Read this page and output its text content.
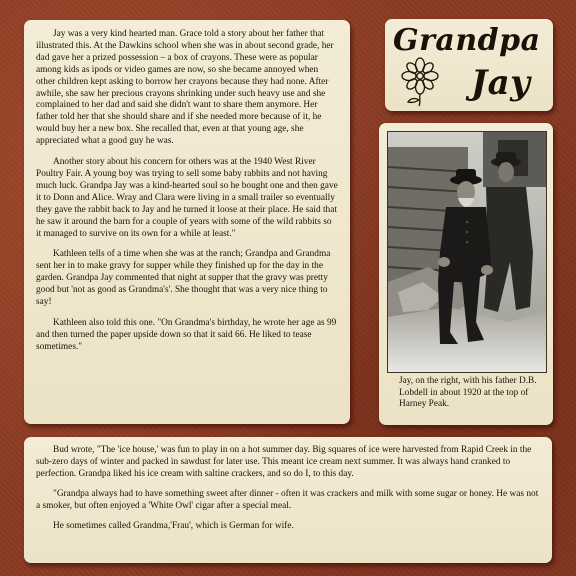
Jay was a very kind hearted man. Grace told a story about her father that illustrated this. At the Dawkins school when she was in about second grade, her dad gave her a prized possession – a box of crayons. These were as popular among kids as ipods or video games are now, so she became annoyed when other children kept asking to borrow her crayons because they had none. After awhile, she saw her precious crayons shrinking under such heavy use and she complained to her dad and said she didn't want to share them anymore. Her father told her that she should share and if she needed more because of it, he would buy her a new box. She recalled that, even at that young age, she appreciated what a good guy he was.

Another story about his concern for others was at the 1940 West River Poultry Fair. A young boy was trying to sell some baby rabbits and not having much luck. Grandpa Jay was a kind-hearted soul so he bought one and then gave it to Donn and Alice. Wray and Clara were living in a small trailer so eventually they gave the rabbit back to Jay and he turned it loose at their place. He said that he saw it around the barn for a couple of years with some of the wild rabbits so it managed to survive on its own for a while at least."

Kathleen tells of a time when she was at the ranch; Grandpa and Grandma sent her in to make gravy for supper while they finished up for the day in the garden. Grandpa Jay commented that night at supper that the gravy was pretty good but 'not as good as Grandma's'. She thought that was a very nice thing to say!

Kathleen also told this one. "On Grandma's birthday, he wrote her age as 99 and then turned the paper upside down so that it said 66. He liked to tease sometimes."

Grandpa
Jay
Jay, on the right, with his father D.B. Lobdell in about 1920 at the top of Harney Peak.

Bud wrote, "The 'ice house,' was fun to play in on a hot summer day. Big squares of ice were harvested from Rapid Creek in the sub-zero days of winter and packed in sawdust for later use. This meant ice cream next summer. It was always hand cranked to perfection. Grandpa liked his ice cream with saltine crackers, and so do I, to this day.

"Grandpa always had to have something sweet after dinner - often it was crackers and milk with some sugar or honey. He was not a smoker, but often enjoyed a 'White Owl' cigar after a special meal.

He sometimes called Grandma,'Frau', which is German for wife.
